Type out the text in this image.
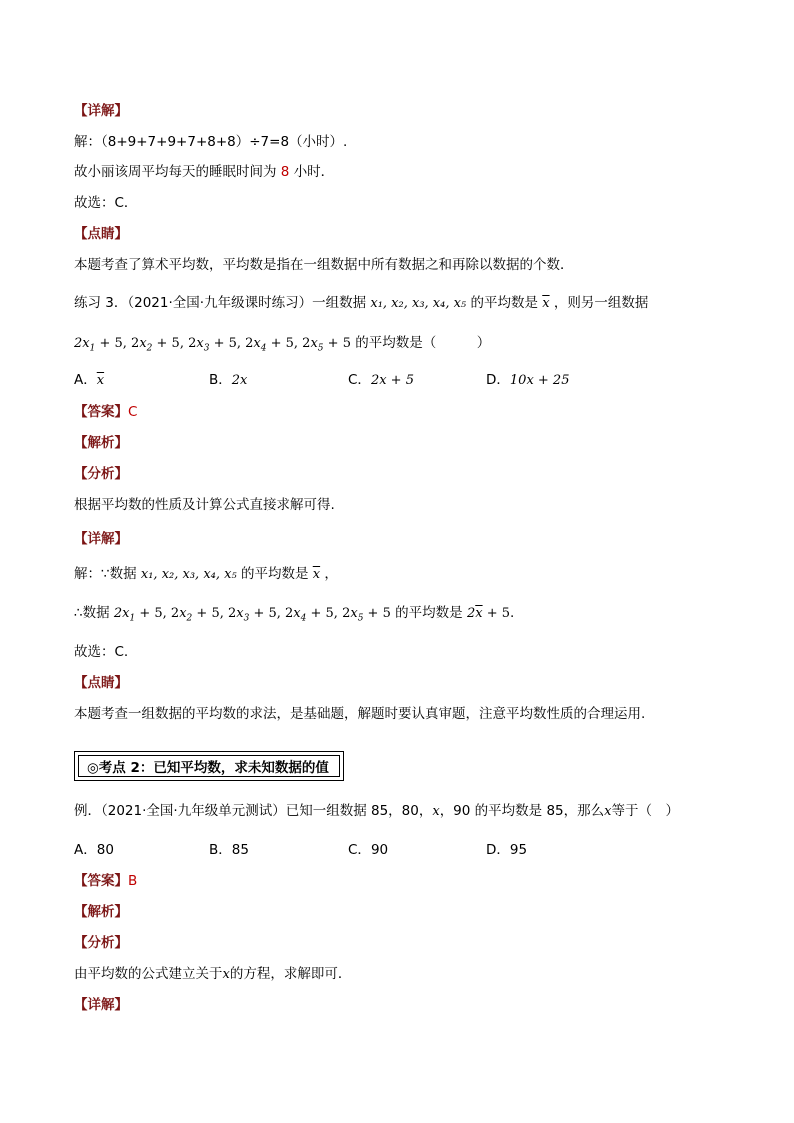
【详解】
解：（8+9+7+9+7+8+8）÷7=8（小时）.
故小丽该周平均每天的睡眠时间为 8 小时．
故选：C．
【点睛】
本题考查了算术平均数，平均数是指在一组数据中所有数据之和再除以数据的个数．
练习 3．（2021·全国·九年级课时练习）一组数据 x₁, x₂, x₃, x₄, x₅ 的平均数是 $\overline{x}$ ，则另一组数据
$2x_1 + 5$, $2x_2 + 5$, $2x_3 + 5$, $2x_4 + 5$, $2x_5 + 5$ 的平均数是（　　　）
A．$\overline{x}$	B．2x	C．2x + 5	D．10x + 25
【答案】C
【解析】
【分析】
根据平均数的性质及计算公式直接求解可得.
【详解】
解：∵数据 x₁, x₂, x₃, x₄, x₅ 的平均数是 $\overline{x}$ ，
∴数据 $2x_1 + 5$, $2x_2 + 5$, $2x_3 + 5$, $2x_4 + 5$, $2x_5 + 5$ 的平均数是 $2\overline{x} + 5$.
故选：C.
【点睛】
本题考查一组数据的平均数的求法，是基础题，解题时要认真审题，注意平均数性质的合理运用.
◎考点 2：已知平均数，求未知数据的值
例．（2021·全国·九年级单元测试）已知一组数据 85，80，x，90 的平均数是 85，那么x等于（　）
A．80	B．85	C．90	D．95
【答案】B
【解析】
【分析】
由平均数的公式建立关于x的方程，求解即可．
【详解】
